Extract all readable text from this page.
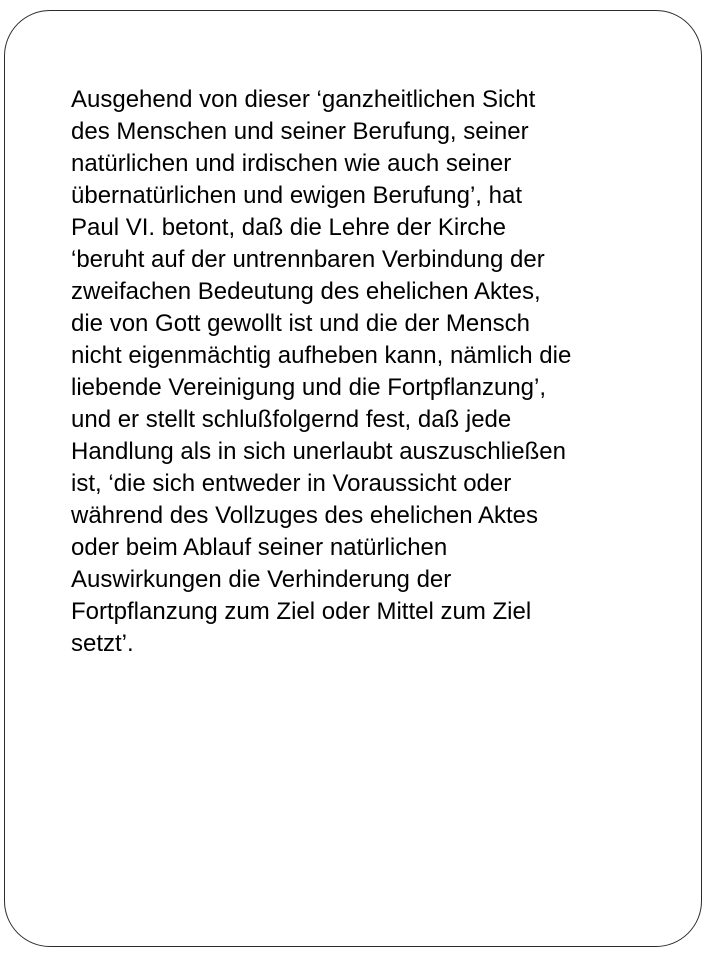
Ausgehend von dieser ‘ganzheitlichen Sicht
des Menschen und seiner Berufung, seiner
natürlichen und irdischen wie auch seiner
übernatürlichen und ewigen Berufung’, hat
Paul VI. betont, daß die Lehre der Kirche
‘beruht auf der untrennbaren Verbindung der
zweifachen Bedeutung des ehelichen Aktes,
die von Gott gewollt ist und die der Mensch
nicht eigenmächtig aufheben kann, nämlich die
liebende Vereinigung und die Fortpflanzung’,
und er stellt schlußfolgernd fest, daß jede
Handlung als in sich unerlaubt auszuschließen
ist, ‘die sich entweder in Voraussicht oder
während des Vollzuges des ehelichen Aktes
oder beim Ablauf seiner natürlichen
Auswirkungen die Verhinderung der
Fortpflanzung zum Ziel oder Mittel zum Ziel
setzt’.
